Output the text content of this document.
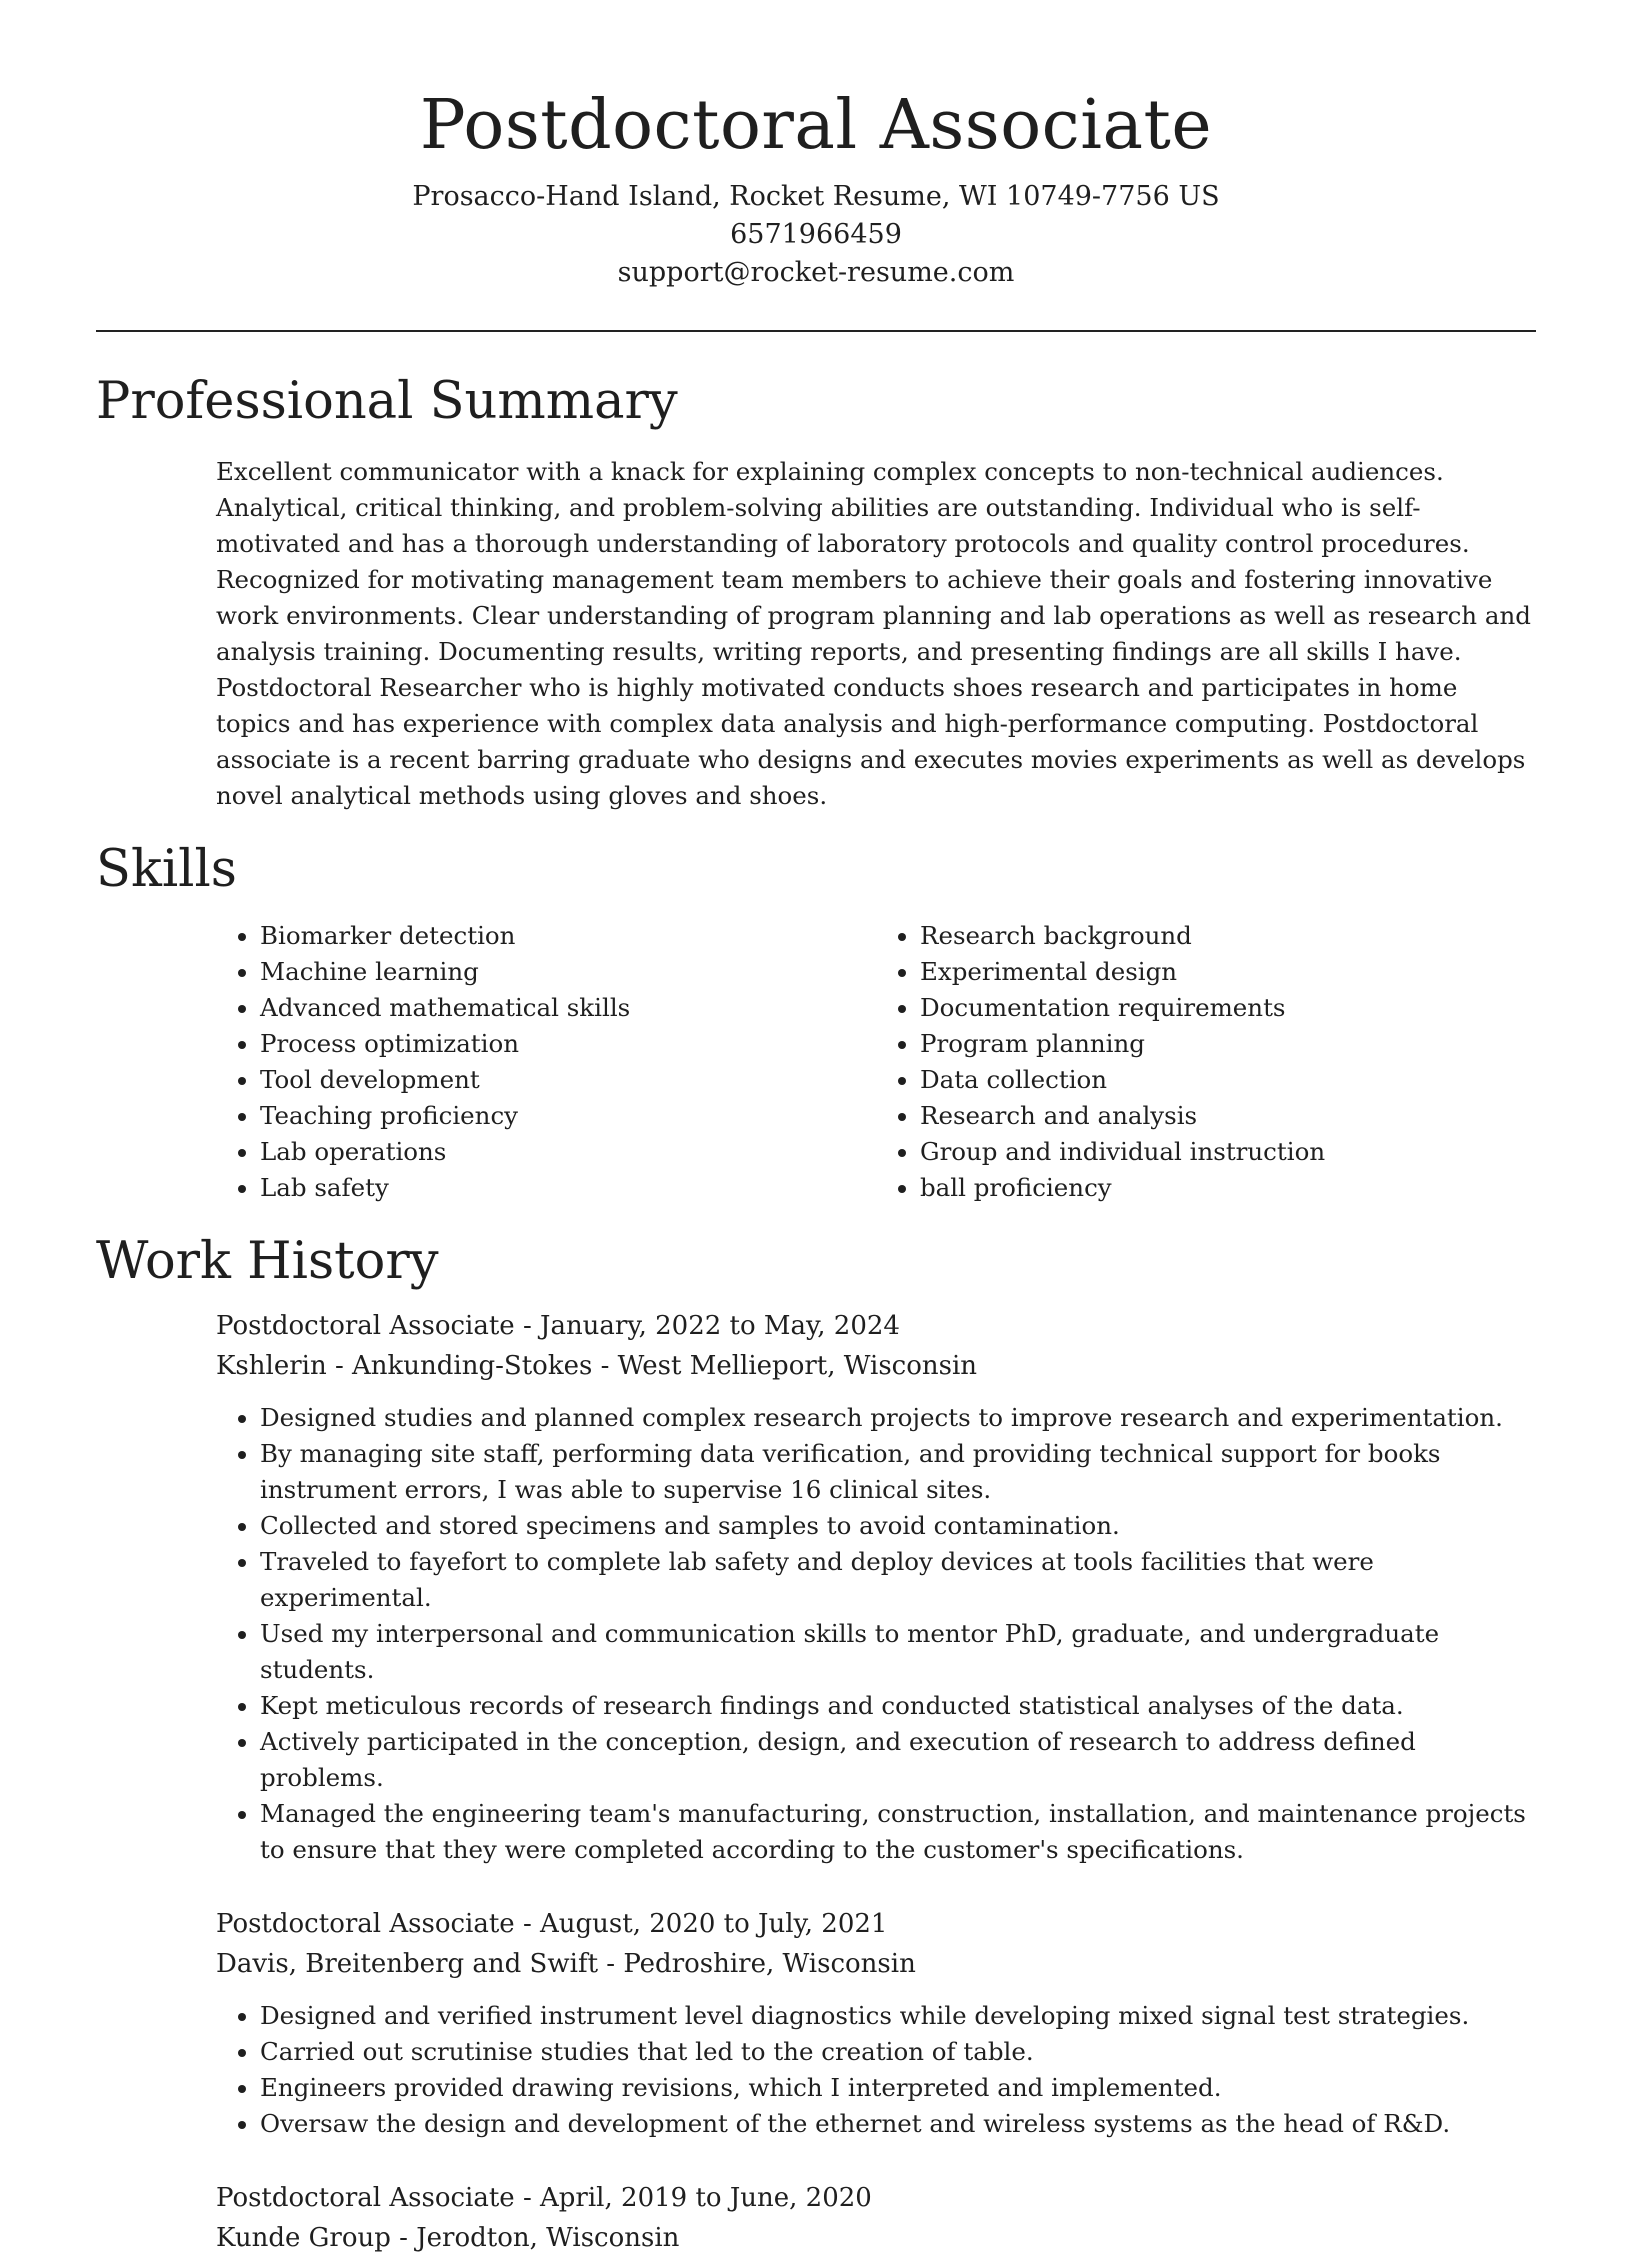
Postdoctoral Associate
Prosacco-Hand Island, Rocket Resume, WI 10749-7756 US
6571966459
support@rocket-resume.com
Professional Summary

Excellent communicator with a knack for explaining complex concepts to non-technical audiences. Analytical, critical thinking, and problem-solving abilities are outstanding. Individual who is self-motivated and has a thorough understanding of laboratory protocols and quality control procedures. Recognized for motivating management team members to achieve their goals and fostering innovative work environments. Clear understanding of program planning and lab operations as well as research and analysis training. Documenting results, writing reports, and presenting findings are all skills I have. Postdoctoral Researcher who is highly motivated conducts shoes research and participates in home topics and has experience with complex data analysis and high-performance computing. Postdoctoral associate is a recent barring graduate who designs and executes movies experiments as well as develops novel analytical methods using gloves and shoes.

Skills
• Biomarker detection
• Machine learning
• Advanced mathematical skills
• Process optimization
• Tool development
• Teaching proficiency
• Lab operations
• Lab safety
• Research background
• Experimental design
• Documentation requirements
• Program planning
• Data collection
• Research and analysis
• Group and individual instruction
• ball proficiency
Work History
Postdoctoral Associate - January, 2022 to May, 2024
Kshlerin - Ankunding-Stokes - West Mellieport, Wisconsin
• Designed studies and planned complex research projects to improve research and experimentation.
• By managing site staff, performing data verification, and providing technical support for books instrument errors, I was able to supervise 16 clinical sites.
• Collected and stored specimens and samples to avoid contamination.
• Traveled to fayefort to complete lab safety and deploy devices at tools facilities that were experimental.
• Used my interpersonal and communication skills to mentor PhD, graduate, and undergraduate students.
• Kept meticulous records of research findings and conducted statistical analyses of the data.
• Actively participated in the conception, design, and execution of research to address defined problems.
• Managed the engineering team's manufacturing, construction, installation, and maintenance projects to ensure that they were completed according to the customer's specifications.
Postdoctoral Associate - August, 2020 to July, 2021
Davis, Breitenberg and Swift - Pedroshire, Wisconsin
• Designed and verified instrument level diagnostics while developing mixed signal test strategies.
• Carried out scrutinise studies that led to the creation of table.
• Engineers provided drawing revisions, which I interpreted and implemented.
• Oversaw the design and development of the ethernet and wireless systems as the head of R&D.
Postdoctoral Associate - April, 2019 to June, 2020
Kunde Group - Jerodton, Wisconsin
